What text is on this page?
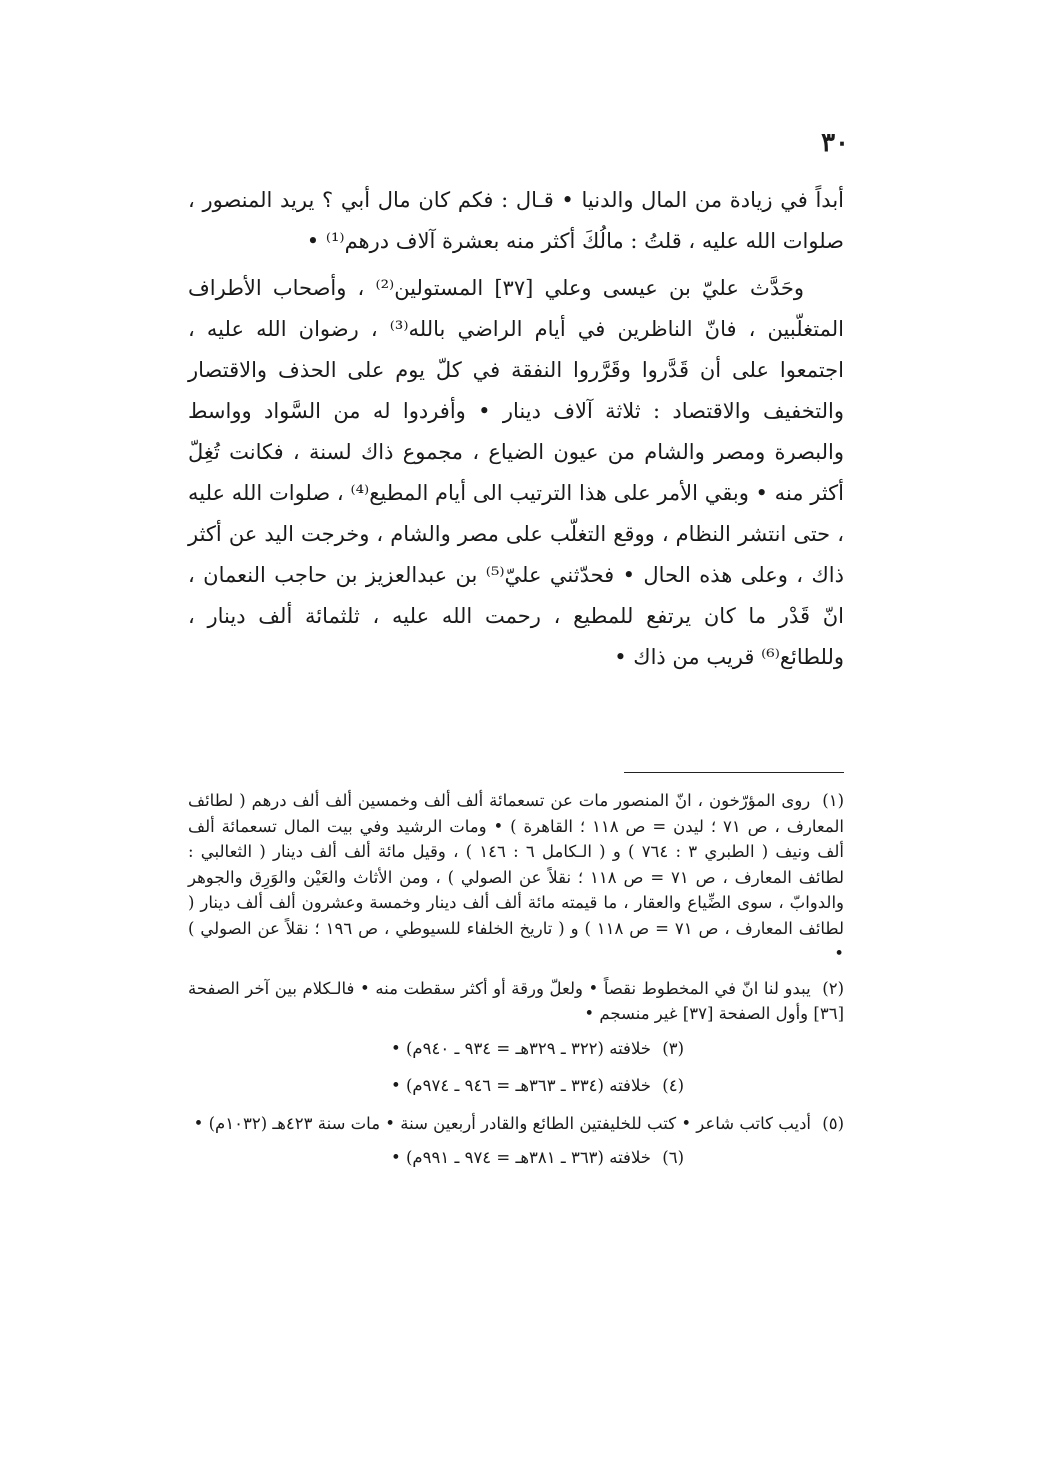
٣٠

أبداً في زيادة من المال والدنيا • قـال : فكم كان مال أبي ؟ يريد المنصور ، صلوات الله عليه ، قلتُ : مالُكَ أكثر منه بعشرة آلاف درهم⁽¹⁾ •

وحَدَّث عليّ بن عيسى وعلي [٣٧] المستولين⁽²⁾ ، وأصحاب الأطراف المتغلّبين ، فانّ الناظرين في أيام الراضي بالله⁽³⁾ ، رضوان الله عليه ، اجتمعوا على أن قَدَّروا وقَرَّروا النفقة في كلّ يوم على الحذف والاقتصار والتخفيف والاقتصاد : ثلاثة آلاف دينار • وأفردوا له من السَّواد وواسط والبصرة ومصر والشام من عيون الضياع ، مجموع ذاك لسنة ، فكانت تُغِلّ أكثر منه • وبقي الأمر على هذا الترتيب الى أيام المطيع⁽⁴⁾ ، صلوات الله عليه ، حتى انتشر النظام ، ووقع التغلّب على مصر والشام ، وخرجت اليد عن أكثر ذاك ، وعلى هذه الحال • فحدّثني عليّ⁽⁵⁾ بن عبدالعزيز بن حاجب النعمان ، انّ قَدْر ما كان يرتفع للمطيع ، رحمت الله عليه ، ثلثمائة ألف دينار ، وللطائع⁽⁶⁾ قريب من ذاك •

(١) روى المؤرّخون ، انّ المنصور مات عن تسعمائة ألف ألف وخمسين ألف ألف درهم ( لطائف المعارف ، ص ٧١ ؛ ليدن = ص ١١٨ ؛ القاهرة ) • ومات الرشيد وفي بيت المال تسعمائة ألف ألف ونيف ( الطبري ٣ : ٧٦٤ ) و ( الـكامل ٦ : ١٤٦ ) ، وقيل مائة ألف ألف دينار ( الثعالبي : لطائف المعارف ، ص ٧١ = ص ١١٨ ؛ نقلاً عن الصولي ) ، ومن الأثاث والعَيْن والوَرِق والجوهر والدوابّ ، سوى الضِّياع والعقار ، ما قيمته مائة ألف ألف دينار وخمسة وعشرون ألف ألف دينار ( لطائف المعارف ، ص ٧١ = ص ١١٨ ) و ( تاريخ الخلفاء للسيوطي ، ص ١٩٦ ؛ نقلاً عن الصولي ) •

(٢) يبدو لنا انّ في المخطوط نقصاً • ولعلّ ورقة أو أكثر سقطت منه • فالـكلام بين آخر الصفحة [٣٦] وأول الصفحة [٣٧] غير منسجم •

(٣) خلافته (٣٢٢ ـ ٣٢٩هـ = ٩٣٤ ـ ٩٤٠م) •

(٤) خلافته (٣٣٤ ـ ٣٦٣هـ = ٩٤٦ ـ ٩٧٤م) •

(٥) أديب كاتب شاعر • كتب للخليفتين الطائع والقادر أربعين سنة • مات سنة ٤٢٣هـ (١٠٣٢م) •

(٦) خلافته (٣٦٣ ـ ٣٨١هـ = ٩٧٤ ـ ٩٩١م) •
